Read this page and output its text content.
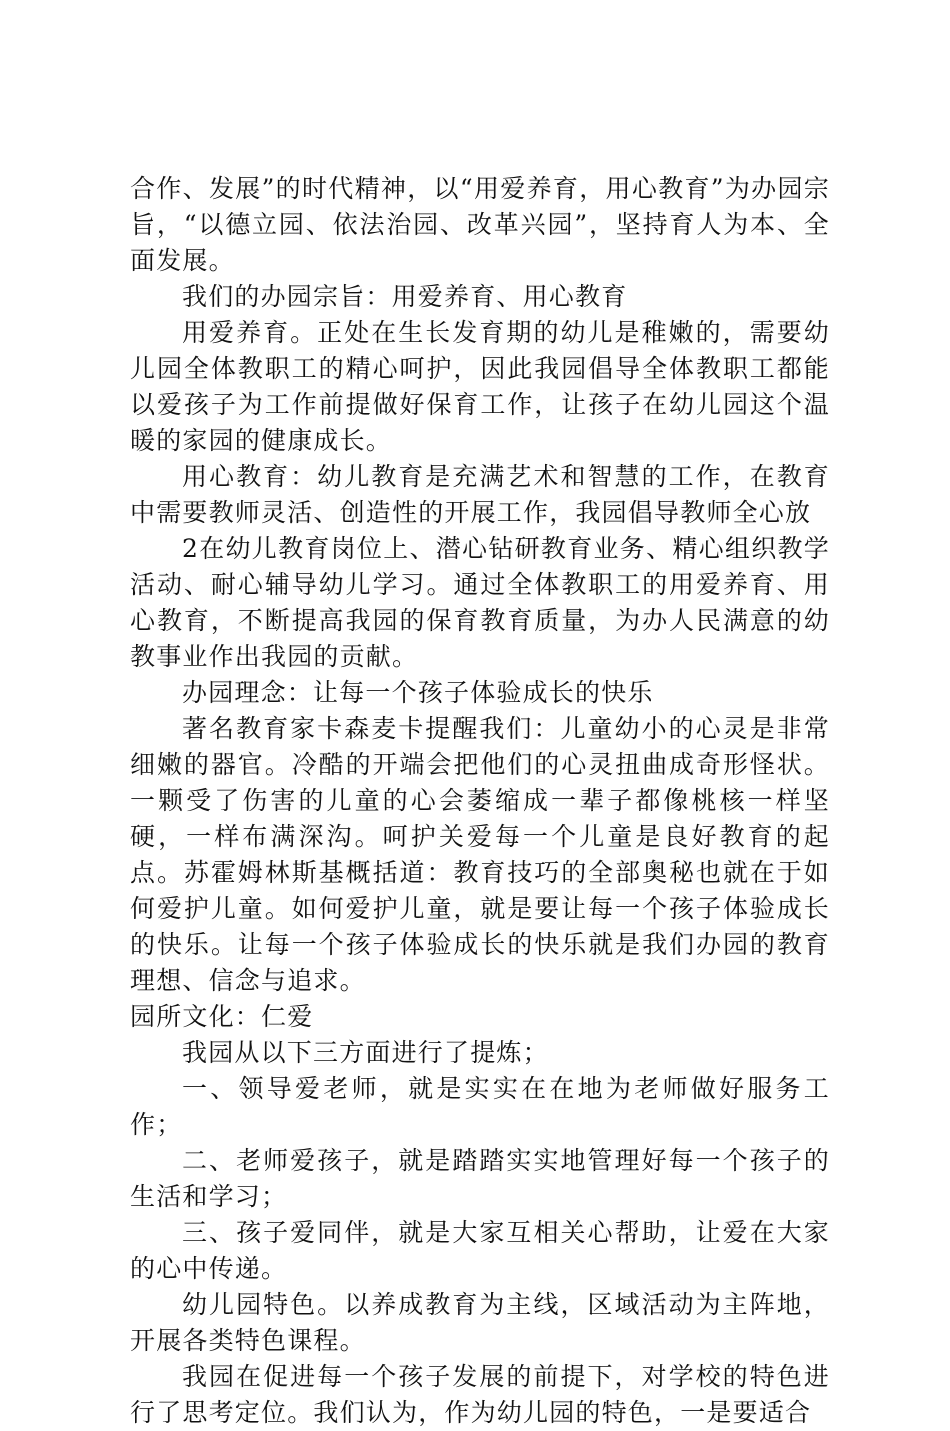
合作、发展”的时代精神，以“用爱养育，用心教育”为办园宗旨，“以德立园、依法治园、改革兴园”，坚持育人为本、全面发展。

我们的办园宗旨：用爱养育、用心教育

用爱养育。正处在生长发育期的幼儿是稚嫩的，需要幼儿园全体教职工的精心呵护，因此我园倡导全体教职工都能以爱孩子为工作前提做好保育工作，让孩子在幼儿园这个温暖的家园的健康成长。

用心教育：幼儿教育是充满艺术和智慧的工作，在教育中需要教师灵活、创造性的开展工作，我园倡导教师全心放

2在幼儿教育岗位上、潜心钻研教育业务、精心组织教学活动、耐心辅导幼儿学习。通过全体教职工的用爱养育、用心教育，不断提高我园的保育教育质量，为办人民满意的幼教事业作出我园的贡献。

办园理念：让每一个孩子体验成长的快乐

著名教育家卡森麦卡提醒我们：儿童幼小的心灵是非常细嫩的器官。冷酷的开端会把他们的心灵扭曲成奇形怪状。一颗受了伤害的儿童的心会萎缩成一辈子都像桃核一样坚硬，一样布满深沟。呵护关爱每一个儿童是良好教育的起点。苏霍姆林斯基概括道：教育技巧的全部奥秘也就在于如何爱护儿童。如何爱护儿童，就是要让每一个孩子体验成长的快乐。让每一个孩子体验成长的快乐就是我们办园的教育理想、信念与追求。

园所文化：仁爱

我园从以下三方面进行了提炼；

一、领导爱老师，就是实实在在地为老师做好服务工作；

二、老师爱孩子，就是踏踏实实地管理好每一个孩子的生活和学习；

三、孩子爱同伴，就是大家互相关心帮助，让爱在大家的心中传递。

幼儿园特色。以养成教育为主线，区域活动为主阵地，开展各类特色课程。

我园在促进每一个孩子发展的前提下，对学校的特色进行了思考定位。我们认为，作为幼儿园的特色，一是要适合
